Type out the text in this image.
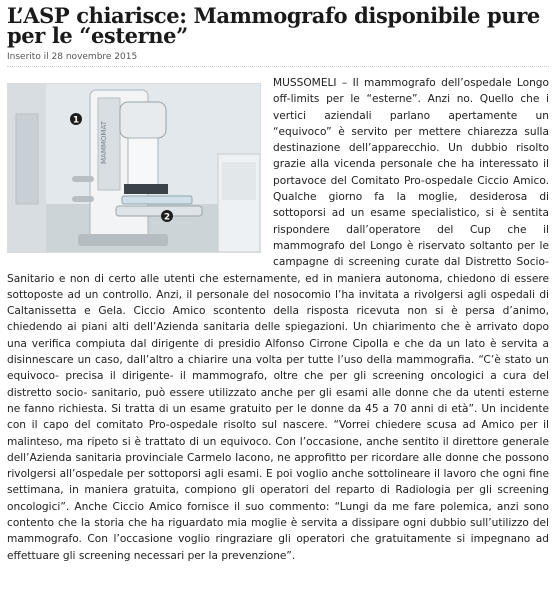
L’ASP chiarisce: Mammografo disponibile pure per le “esterne”
Inserito il 28 novembre 2015
MAMMOMAT
1
2

MUSSOMELI – Il mammografo dell’ospedale Longo off-limits per le “esterne”. Anzi no. Quello che i vertici aziendali parlano apertamente un “equivoco” è servito per mettere chiarezza sulla destinazione dell’apparecchio. Un dubbio risolto grazie alla vicenda personale che ha interessato il portavoce del Comitato Pro-ospedale Ciccio Amico. Qualche giorno fa la moglie, desiderosa di sottoporsi ad un esame specialistico, si è sentita rispondere dall’operatore del Cup che il mammografo del Longo è riservato soltanto per le campagne di screening curate dal Distretto Socio- Sanitario e non di certo alle utenti che esternamente, ed in maniera autonoma, chiedono di essere sottoposte ad un controllo. Anzi, il personale del nosocomio l’ha invitata a rivolgersi agli ospedali di Caltanissetta e Gela. Ciccio Amico scontento della risposta ricevuta non si è persa d’animo, chiedendo ai piani alti dell’Azienda sanitaria delle spiegazioni. Un chiarimento che è arrivato dopo una verifica compiuta dal dirigente di presidio Alfonso Cirrone Cipolla e che da un lato è servita a disinnescare un caso, dall’altro a chiarire una volta per tutte l’uso della mammografia. “C’è stato un equivoco- precisa il dirigente- il mammografo, oltre che per gli screening oncologici a cura del distretto socio- sanitario, può essere utilizzato anche per gli esami alle donne che da utenti esterne ne fanno richiesta. Si tratta di un esame gratuito per le donne da 45 a 70 anni di età”. Un incidente con il capo del comitato Pro-ospedale risolto sul nascere. “Vorrei chiedere scusa ad Amico per il malinteso, ma ripeto si è trattato di un equivoco. Con l’occasione, anche sentito il direttore generale dell’Azienda sanitaria provinciale Carmelo Iacono, ne approfitto per ricordare alle donne che possono rivolgersi all’ospedale per sottoporsi agli esami. E poi voglio anche sottolineare il lavoro che ogni fine settimana, in maniera gratuita, compiono gli operatori del reparto di Radiologia per gli screening oncologici”. Anche Ciccio Amico fornisce il suo commento: “Lungi da me fare polemica, anzi sono contento che la storia che ha riguardato mia moglie è servita a dissipare ogni dubbio sull’utilizzo del mammografo. Con l’occasione voglio ringraziare gli operatori che gratuitamente si impegnano ad effettuare gli screening necessari per la prevenzione”.
